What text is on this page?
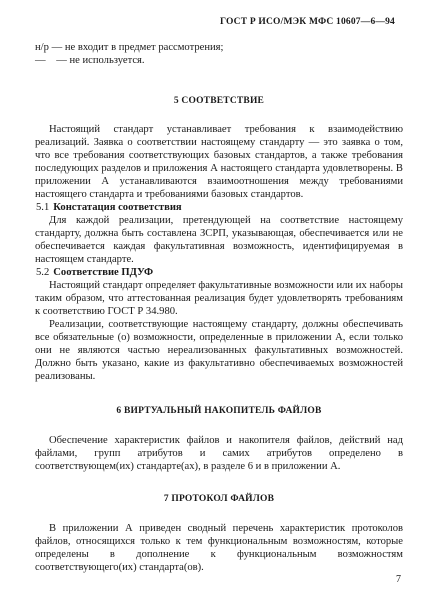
ГОСТ Р ИСО/МЭК МФС 10607—6—94
н/р — не входит в предмет рассмотрения;
— — не используется.

5 СООТВЕТСТВИЕ

Настоящий стандарт устанавливает требования к взаимодействию реализаций. Заявка о соответствии настоящему стандарту — это заявка о том, что все требования соответствующих базовых стандартов, а также требования последующих разделов и приложения А настоящего стандарта удовлетворены. В приложении А устанавливаются взаимоотношения между требованиями настоящего стандарта и требованиями базовых стандартов.

5.1 Констатация соответствия

Для каждой реализации, претендующей на соответствие настоящему стандарту, должна быть составлена ЗСРП, указывающая, обеспечивается или не обеспечивается каждая факультативная возможность, идентифицируемая в настоящем стандарте.

5.2 Соответствие ПДУФ

Настоящий стандарт определяет факультативные возможности или их наборы таким образом, что аттестованная реализация будет удовлетворять требованиям к соответствию ГОСТ Р 34.980.

Реализации, соответствующие настоящему стандарту, должны обеспечивать все обязательные (о) возможности, определенные в приложении А, если только они не являются частью нереализованных факультативных возможностей. Должно быть указано, какие из факультативно обеспечиваемых возможностей реализованы.

6 ВИРТУАЛЬНЫЙ НАКОПИТЕЛЬ ФАЙЛОВ

Обеспечение характеристик файлов и накопителя файлов, действий над файлами, групп атрибутов и самих атрибутов определено в соответствующем(их) стандарте(ах), в разделе 6 и в приложении А.

7 ПРОТОКОЛ ФАЙЛОВ

В приложении А приведен сводный перечень характеристик протоколов файлов, относящихся только к тем функциональным возможностям, которые определены в дополнение к функциональным возможностям соответствующего(их) стандарта(ов).

7
